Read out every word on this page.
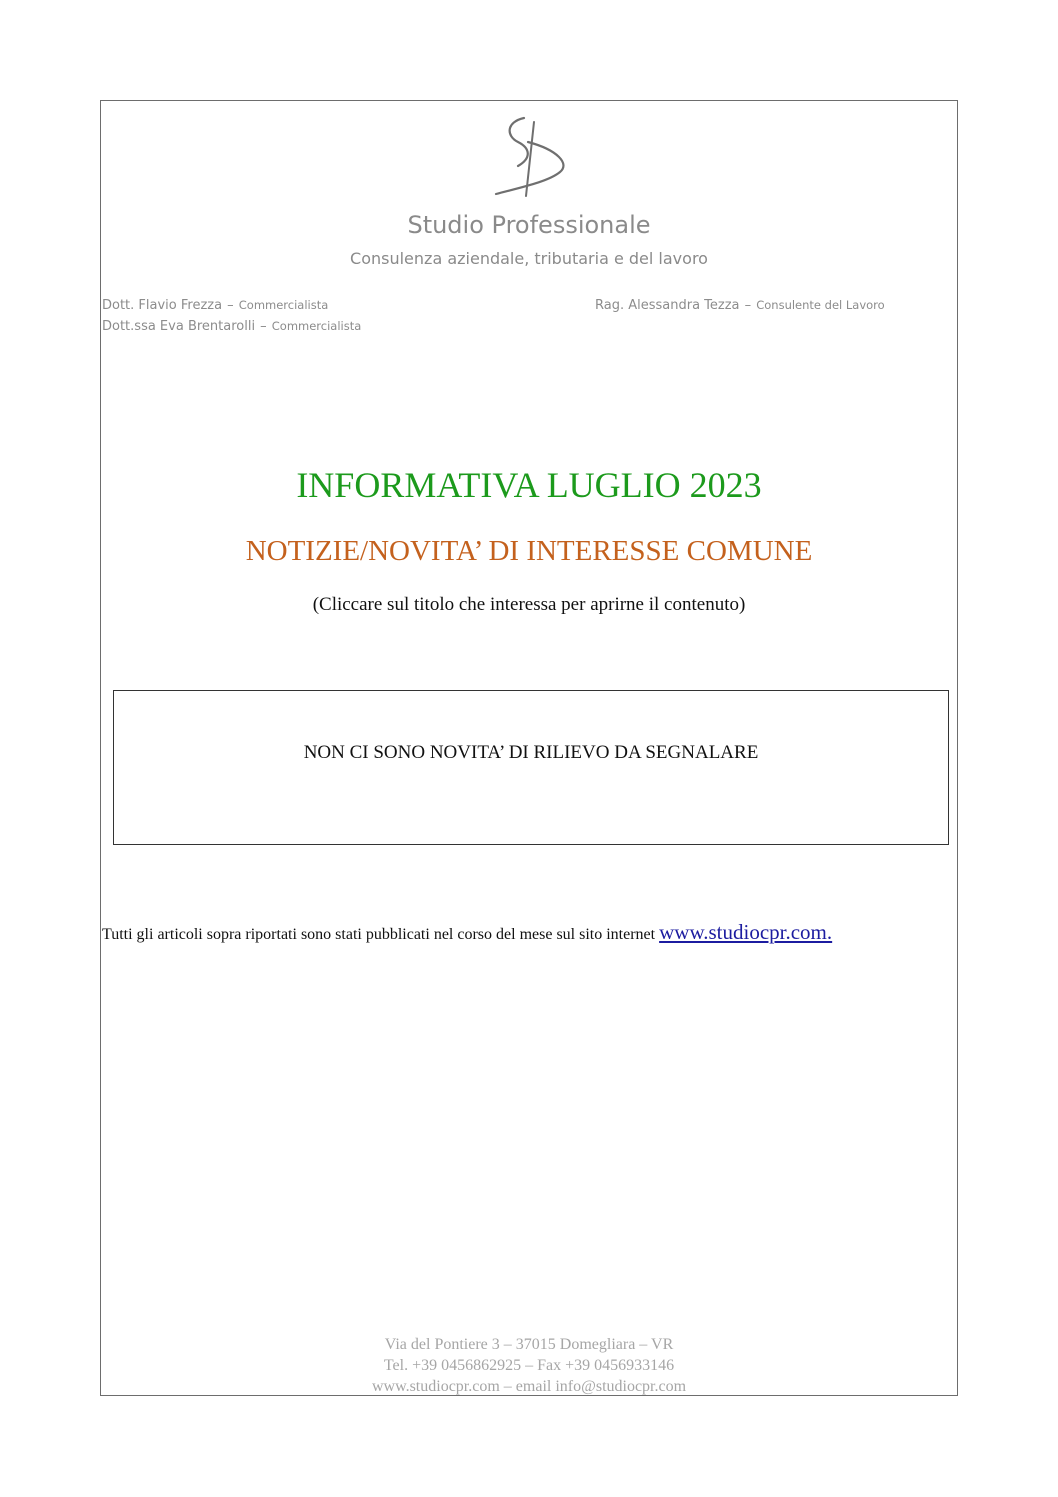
Studio Professionale
Consulenza aziendale, tributaria e del lavoro
Dott. Flavio Frezza – Commercialista
Dott.ssa Eva Brentarolli – Commercialista
Rag. Alessandra Tezza – Consulente del Lavoro
INFORMATIVA LUGLIO 2023
NOTIZIE/NOVITA’ DI INTERESSE COMUNE
(Cliccare sul titolo che interessa per aprirne il contenuto)
NON CI SONO NOVITA’ DI RILIEVO DA SEGNALARE
Tutti gli articoli sopra riportati sono stati pubblicati nel corso del mese sul sito internet www.studiocpr.com.
Via del Pontiere 3 – 37015 Domegliara – VR
Tel. +39 0456862925 – Fax +39 0456933146
www.studiocpr.com – email info@studiocpr.com
